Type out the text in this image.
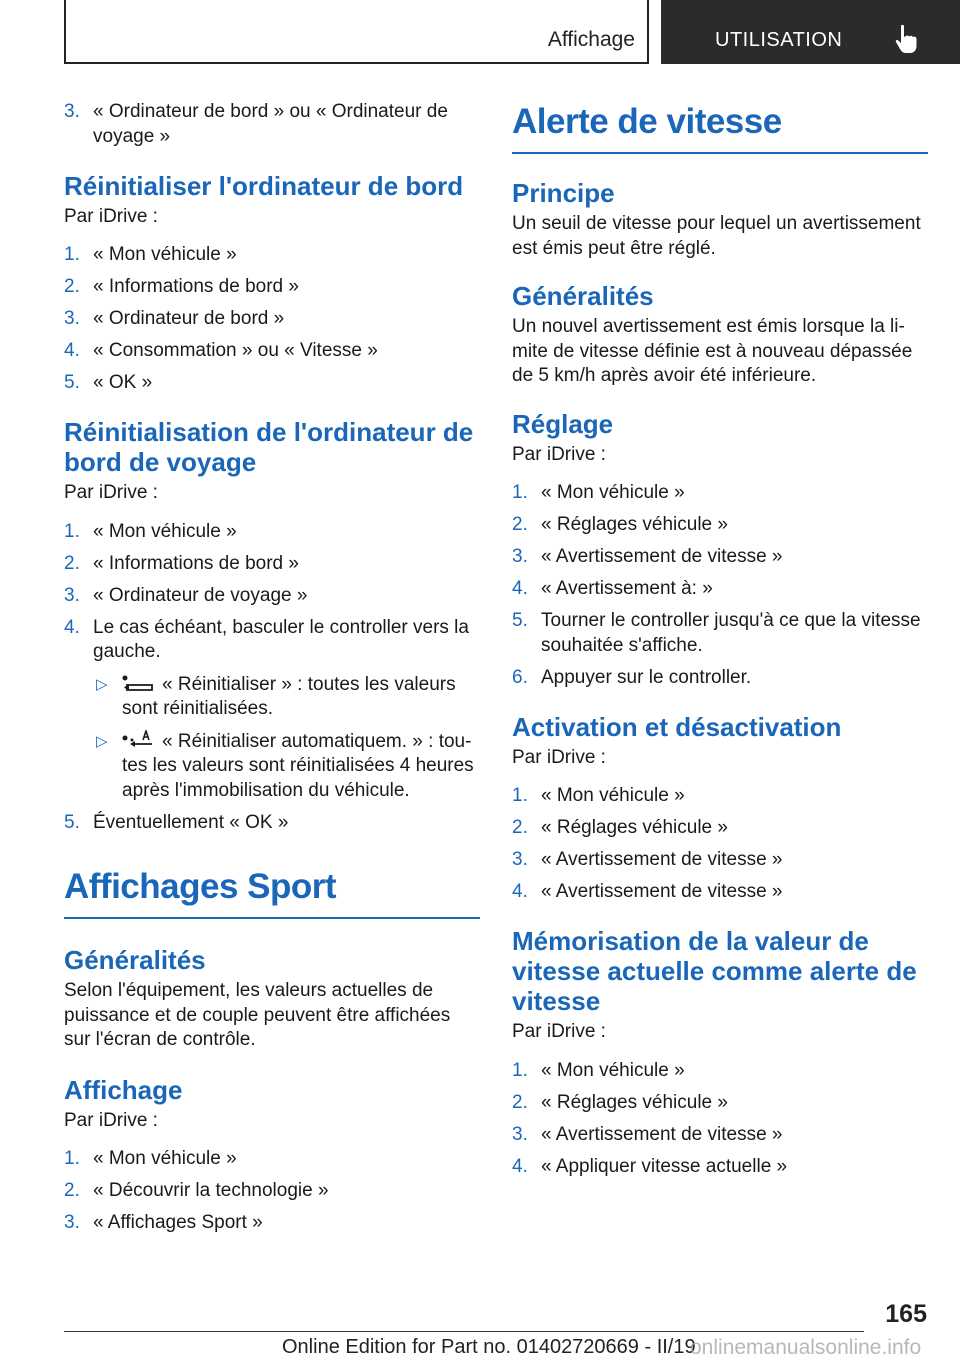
Affichage	UTILISATION
3. « Ordinateur de bord » ou « Ordinateur de voyage »
Réinitialiser l'ordinateur de bord

Par iDrive :

1. « Mon véhicule »
2. « Informations de bord »
3. « Ordinateur de bord »
4. « Consommation » ou « Vitesse »
5. « OK »
Réinitialisation de l'ordinateur de bord de voyage

Par iDrive :

1. « Mon véhicule »
2. « Informations de bord »
3. « Ordinateur de voyage »
4. Le cas échéant, basculer le controller vers la gauche.
▷	« Réinitialiser » : toutes les valeurs sont réinitialisées.
▷	« Réinitialiser automatiquem. » : toutes les valeurs sont réinitialisées 4 heures après l'immobilisation du véhicule.
5. Éventuellement « OK »
Affichages Sport
Généralités

Selon l'équipement, les valeurs actuelles de puissance et de couple peuvent être affichées sur l'écran de contrôle.

Affichage

Par iDrive :

1. « Mon véhicule »
2. « Découvrir la technologie »
3. « Affichages Sport »
Alerte de vitesse
Principe

Un seuil de vitesse pour lequel un avertissement est émis peut être réglé.

Généralités

Un nouvel avertissement est émis lorsque la limite de vitesse définie est à nouveau dépassée de 5 km/h après avoir été inférieure.

Réglage

Par iDrive :

1. « Mon véhicule »
2. « Réglages véhicule »
3. « Avertissement de vitesse »
4. « Avertissement à: »
5. Tourner le controller jusqu'à ce que la vitesse souhaitée s'affiche.
6. Appuyer sur le controller.
Activation et désactivation

Par iDrive :

1. « Mon véhicule »
2. « Réglages véhicule »
3. « Avertissement de vitesse »
4. « Avertissement de vitesse »
Mémorisation de la valeur de vitesse actuelle comme alerte de vitesse

Par iDrive :

1. « Mon véhicule »
2. « Réglages véhicule »
3. « Avertissement de vitesse »
4. « Appliquer vitesse actuelle »
165
Online Edition for Part no. 01402720669 - II/19
onlinemanualsonline.info
